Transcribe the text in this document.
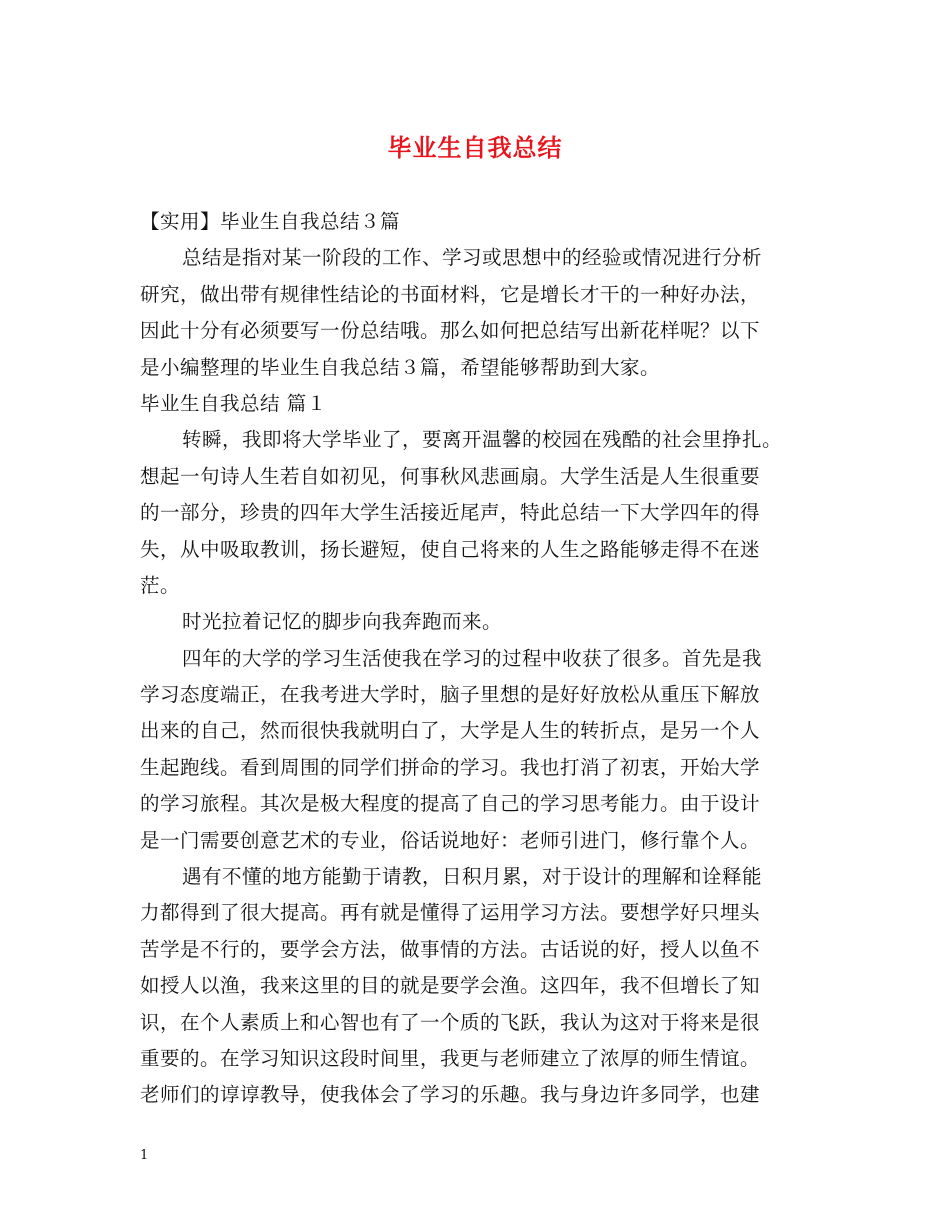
毕业生自我总结
【实用】毕业生自我总结３篇
总结是指对某一阶段的工作、学习或思想中的经验或情况进行分析
研究，做出带有规律性结论的书面材料，它是增长才干的一种好办法，
因此十分有必须要写一份总结哦。那么如何把总结写出新花样呢？以下
是小编整理的毕业生自我总结３篇，希望能够帮助到大家。
毕业生自我总结 篇１
转瞬，我即将大学毕业了，要离开温馨的校园在残酷的社会里挣扎。
想起一句诗人生若自如初见，何事秋风悲画扇。大学生活是人生很重要
的一部分，珍贵的四年大学生活接近尾声，特此总结一下大学四年的得
失，从中吸取教训，扬长避短，使自己将来的人生之路能够走得不在迷
茫。
时光拉着记忆的脚步向我奔跑而来。
四年的大学的学习生活使我在学习的过程中收获了很多。首先是我
学习态度端正，在我考进大学时，脑子里想的是好好放松从重压下解放
出来的自己，然而很快我就明白了，大学是人生的转折点，是另一个人
生起跑线。看到周围的同学们拼命的学习。我也打消了初衷，开始大学
的学习旅程。其次是极大程度的提高了自己的学习思考能力。由于设计
是一门需要创意艺术的专业，俗话说地好：老师引进门，修行靠个人。
遇有不懂的地方能勤于请教，日积月累，对于设计的理解和诠释能
力都得到了很大提高。再有就是懂得了运用学习方法。要想学好只埋头
苦学是不行的，要学会方法，做事情的方法。古话说的好，授人以鱼不
如授人以渔，我来这里的目的就是要学会渔。这四年，我不但增长了知
识，在个人素质上和心智也有了一个质的飞跃，我认为这对于将来是很
重要的。在学习知识这段时间里，我更与老师建立了浓厚的师生情谊。
老师们的谆谆教导，使我体会了学习的乐趣。我与身边许多同学，也建
1
